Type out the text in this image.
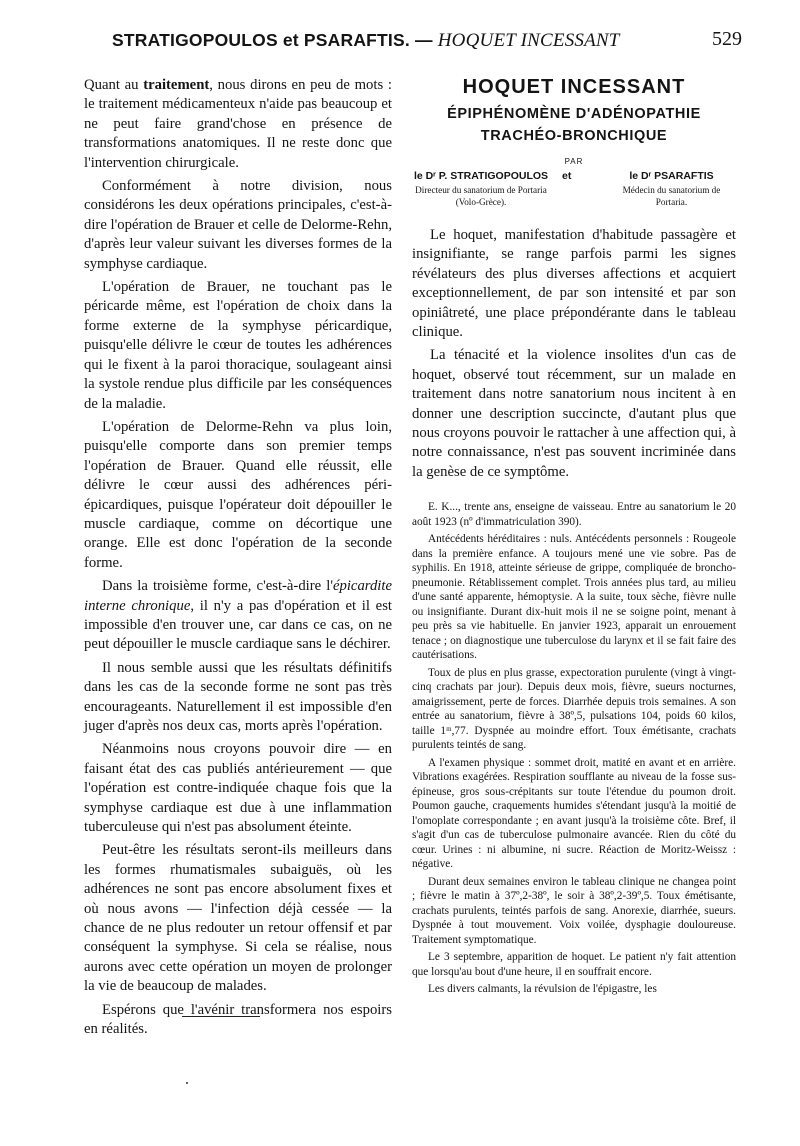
STRATIGOPOULOS et PSARAFTIS. — HOQUET INCESSANT	529

Quant au traitement, nous dirons en peu de mots : le traitement médicamenteux n'aide pas beaucoup et ne peut faire grand'chose en présence de transformations anatomiques. Il ne reste donc que l'intervention chirurgicale.

Conformément à notre division, nous considérons les deux opérations principales, c'est-à-dire l'opération de Brauer et celle de Delorme-Rehn, d'après leur valeur suivant les diverses formes de la symphyse cardiaque.

L'opération de Brauer, ne touchant pas le péricarde même, est l'opération de choix dans la forme externe de la symphyse péricardique, puisqu'elle délivre le cœur de toutes les adhérences qui le fixent à la paroi thoracique, soulageant ainsi la systole rendue plus difficile par les conséquences de la maladie.

L'opération de Delorme-Rehn va plus loin, puisqu'elle comporte dans son premier temps l'opération de Brauer. Quand elle réussit, elle délivre le cœur aussi des adhérences péri-épicardiques, puisque l'opérateur doit dépouiller le muscle cardiaque, comme on décortique une orange. Elle est donc l'opération de la seconde forme.

Dans la troisième forme, c'est-à-dire l'épicardite interne chronique, il n'y a pas d'opération et il est impossible d'en trouver une, car dans ce cas, on ne peut dépouiller le muscle cardiaque sans le déchirer.

Il nous semble aussi que les résultats définitifs dans les cas de la seconde forme ne sont pas très encourageants. Naturellement il est impossible d'en juger d'après nos deux cas, morts après l'opération.

Néanmoins nous croyons pouvoir dire — en faisant état des cas publiés antérieurement — que l'opération est contre-indiquée chaque fois que la symphyse cardiaque est due à une inflammation tuberculeuse qui n'est pas absolument éteinte.

Peut-être les résultats seront-ils meilleurs dans les formes rhumatismales subaiguës, où les adhérences ne sont pas encore absolument fixes et où nous avons — l'infection déjà cessée — la chance de ne plus redouter un retour offensif et par conséquent la symphyse. Si cela se réalise, nous aurons avec cette opération un moyen de prolonger la vie de beaucoup de malades.

Espérons que l'avénir transformera nos espoirs en réalités.

HOQUET INCESSANT
ÉPIPHÉNOMÈNE D'ADÉNOPATHIE
TRACHÉO-BRONCHIQUE
PAR
le Dʳ P. STRATIGOPOULOS
Directeur du sanatorium de Portaria (Volo-Grèce).
et	le Dʳ PSARAFTIS
Médecin du sanatorium de Portaria.

Le hoquet, manifestation d'habitude passagère et insignifiante, se range parfois parmi les signes révélateurs des plus diverses affections et acquiert exceptionnellement, de par son intensité et par son opiniâtreté, une place prépondérante dans le tableau clinique.

La ténacité et la violence insolites d'un cas de hoquet, observé tout récemment, sur un malade en traitement dans notre sanatorium nous incitent à en donner une description succincte, d'autant plus que nous croyons pouvoir le rattacher à une affection qui, à notre connaissance, n'est pas souvent incriminée dans la genèse de ce symptôme.

E. K..., trente ans, enseigne de vaisseau. Entre au sanatorium le 20 août 1923 (nº d'immatriculation 390).

Antécédents héréditaires : nuls. Antécédents personnels : Rougeole dans la première enfance. A toujours mené une vie sobre. Pas de syphilis. En 1918, atteinte sérieuse de grippe, compliquée de broncho-pneumonie. Rétablissement complet. Trois années plus tard, au milieu d'une santé apparente, hémoptysie. A la suite, toux sèche, fièvre nulle ou insignifiante. Durant dix-huit mois il ne se soigne point, menant à peu près sa vie habituelle. En janvier 1923, apparait un enrouement tenace ; on diagnostique une tuberculose du larynx et il se fait faire des cautérisations.

Toux de plus en plus grasse, expectoration purulente (vingt à vingt-cinq crachats par jour). Depuis deux mois, fièvre, sueurs nocturnes, amaigrissement, perte de forces. Diarrhée depuis trois semaines. A son entrée au sanatorium, fièvre à 38º,5, pulsations 104, poids 60 kilos, taille 1ᵐ,77. Dyspnée au moindre effort. Toux émétisante, crachats purulents teintés de sang.

A l'examen physique : sommet droit, matité en avant et en arrière. Vibrations exagérées. Respiration soufflante au niveau de la fosse sus-épineuse, gros sous-crépitants sur toute l'étendue du poumon droit. Poumon gauche, craquements humides s'étendant jusqu'à la moitié de l'omoplate correspondante ; en avant jusqu'à la troisième côte. Bref, il s'agit d'un cas de tuberculose pulmonaire avancée. Rien du côté du cœur. Urines : ni albumine, ni sucre. Réaction de Moritz-Weissz : négative.

Durant deux semaines environ le tableau clinique ne changea point ; fièvre le matin à 37º,2-38º, le soir à 38º,2-39º,5. Toux émétisante, crachats purulents, teintés parfois de sang. Anorexie, diarrhée, sueurs. Dyspnée à tout mouvement. Voix voilée, dysphagie douloureuse. Traitement symptomatique.

Le 3 septembre, apparition de hoquet. Le patient n'y fait attention que lorsqu'au bout d'une heure, il en souffrait encore.

Les divers calmants, la révulsion de l'épigastre, les
